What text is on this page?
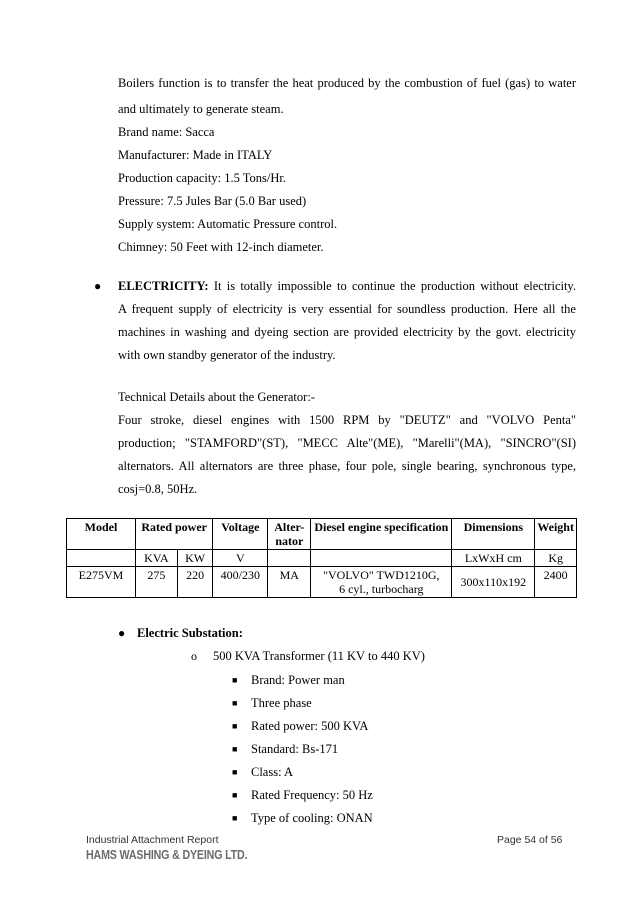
Boilers function is to transfer the heat produced by the combustion of fuel (gas) to water
and ultimately to generate steam.
Brand name: Sacca
Manufacturer: Made in ITALY
Production capacity: 1.5 Tons/Hr.
Pressure: 7.5 Jules Bar (5.0 Bar used)
Supply system: Automatic Pressure control.
Chimney: 50 Feet with 12-inch diameter.
● ELECTRICITY: It is totally impossible to continue the production without electricity.
A frequent supply of electricity is very essential for soundless production. Here all the
machines in washing and dyeing section are provided electricity by the govt. electricity
with own standby generator of the industry.
Technical Details about the Generator:-
Four stroke, diesel engines with 1500 RPM by "DEUTZ" and "VOLVO Penta"
production; "STAMFORD"(ST), "MECC Alte"(ME), "Marelli"(MA), "SINCRO"(SI)
alternators. All alternators are three phase, four pole, single bearing, synchronous type,
cosj=0.8, 50Hz.
Model	Rated power		Voltage	Alter-nator	Diesel engine specification	Dimensions	Weight
	KVA	KW	V			LxWxH cm	Kg
E275VM	275	220	400/230	MA	"VOLVO" TWD1210G,
6 cyl., turbocharg	300x110x192	2400
● Electric Substation:
o 500 KVA Transformer (11 KV to 440 KV)
■ Brand: Power man
■ Three phase
■ Rated power: 500 KVA
■ Standard: Bs-171
■ Class: A
■ Rated Frequency: 50 Hz
■ Type of cooling: ONAN
Industrial Attachment Report	Page 54 of 56
HAMS WASHING & DYEING LTD.
